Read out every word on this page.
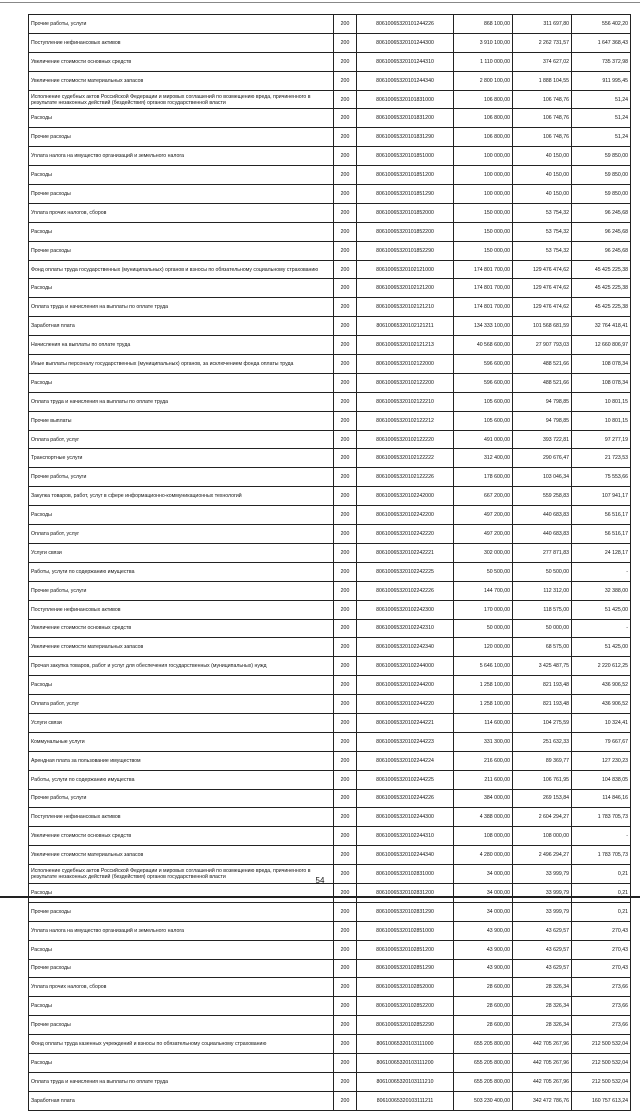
Прочие работы, услуги	200	80610065320101244226	868 100,00	311 697,80	556 402,20
Поступление нефинансовых активов	200	80610065320101244300	3 910 100,00	2 262 731,57	1 647 368,43
Увеличение стоимости основных средств	200	80610065320101244310	1 110 000,00	374 627,02	735 372,98
Увеличение стоимости материальных запасов	200	80610065320101244340	2 800 100,00	1 888 104,55	911 995,45
Исполнение судебных актов Российской Федерации и мировых соглашений по возмещению вреда, причиненного в результате незаконных действий (бездействия) органов государственной власти	200	80610065320101831000	106 800,00	106 748,76	51,24
Расходы	200	80610065320101831200	106 800,00	106 748,76	51,24
Прочие расходы	200	80610065320101831290	106 800,00	106 748,76	51,24
Уплата налога на имущество организаций и земельного налога	200	80610065320101851000	100 000,00	40 150,00	59 850,00
Расходы	200	80610065320101851200	100 000,00	40 150,00	59 850,00
Прочие расходы	200	80610065320101851290	100 000,00	40 150,00	59 850,00
Уплата прочих налогов, сборов	200	80610065320101852000	150 000,00	53 754,32	96 245,68
Расходы	200	80610065320101852200	150 000,00	53 754,32	96 245,68
Прочие расходы	200	80610065320101852290	150 000,00	53 754,32	96 245,68
Фонд оплаты труда государственных (муниципальных) органов и взносы по обязательному социальному страхованию	200	80610065320102121000	174 801 700,00	129 476 474,62	45 425 225,38
Расходы	200	80610065320102121200	174 801 700,00	129 476 474,62	45 425 225,38
Оплата труда и начисления на выплаты по оплате труда	200	80610065320102121210	174 801 700,00	129 476 474,62	45 425 225,38
Заработная плата	200	80610065320102121211	134 333 100,00	101 568 681,59	32 764 418,41
Начисления на выплаты по оплате труда	200	80610065320102121213	40 568 600,00	27 907 793,03	12 660 806,97
Иные выплаты персоналу государственных (муниципальных) органов, за исключением фонда оплаты труда	200	80610065320102122000	596 600,00	488 521,66	108 078,34
Расходы	200	80610065320102122200	596 600,00	488 521,66	108 078,34
Оплата труда и начисления на выплаты по оплате труда	200	80610065320102122210	105 600,00	94 798,85	10 801,15
Прочие выплаты	200	80610065320102122212	105 600,00	94 798,85	10 801,15
Оплата работ, услуг	200	80610065320102122220	491 000,00	393 722,81	97 277,19
Транспортные услуги	200	80610065320102122222	312 400,00	290 676,47	21 723,53
Прочие работы, услуги	200	80610065320102122226	178 600,00	103 046,34	75 553,66
Закупка товаров, работ, услуг в сфере информационно-коммуникационных технологий	200	80610065320102242000	667 200,00	559 258,83	107 941,17
Расходы	200	80610065320102242200	497 200,00	440 683,83	56 516,17
Оплата работ, услуг	200	80610065320102242220	497 200,00	440 683,83	56 516,17
Услуги связи	200	80610065320102242221	302 000,00	277 871,83	24 128,17
Работы, услуги по содержанию имущества	200	80610065320102242225	50 500,00	50 500,00	-
Прочие работы, услуги	200	80610065320102242226	144 700,00	112 312,00	32 388,00
Поступление нефинансовых активов	200	80610065320102242300	170 000,00	118 575,00	51 425,00
Увеличение стоимости основных средств	200	80610065320102242310	50 000,00	50 000,00	-
Увеличение стоимости материальных запасов	200	80610065320102242340	120 000,00	68 575,00	51 425,00
Прочая закупка товаров, работ и услуг для обеспечения государственных (муниципальных) нужд	200	80610065320102244000	5 646 100,00	3 425 487,75	2 220 612,25
Расходы	200	80610065320102244200	1 258 100,00	821 193,48	436 906,52
Оплата работ, услуг	200	80610065320102244220	1 258 100,00	821 193,48	436 906,52
Услуги связи	200	80610065320102244221	114 600,00	104 275,59	10 324,41
Коммунальные услуги	200	80610065320102244223	331 300,00	251 632,33	79 667,67
Арендная плата за пользование имуществом	200	80610065320102244224	216 600,00	89 369,77	127 230,23
Работы, услуги по содержанию имущества	200	80610065320102244225	211 600,00	106 761,95	104 838,05
Прочие работы, услуги	200	80610065320102244226	384 000,00	269 153,84	114 846,16
Поступление нефинансовых активов	200	80610065320102244300	4 388 000,00	2 604 294,27	1 783 705,73
Увеличение стоимости основных средств	200	80610065320102244310	108 000,00	108 000,00	-
Увеличение стоимости материальных запасов	200	80610065320102244340	4 280 000,00	2 496 294,27	1 783 705,73
Исполнение судебных актов Российской Федерации и мировых соглашений по возмещению вреда, причиненного в результате незаконных действий (бездействия) органов государственной власти	200	80610065320102831000	34 000,00	33 999,79	0,21
Расходы	200	80610065320102831200	34 000,00	33 999,79	0,21
Прочие расходы	200	80610065320102831290	34 000,00	33 999,79	0,21
Уплата налога на имущество организаций и земельного налога	200	80610065320102851000	43 900,00	43 629,57	270,43
Расходы	200	80610065320102851200	43 900,00	43 629,57	270,43
Прочие расходы	200	80610065320102851290	43 900,00	43 629,57	270,43
Уплата прочих налогов, сборов	200	80610065320102852000	28 600,00	28 326,34	273,66
Расходы	200	80610065320102852200	28 600,00	28 326,34	273,66
Прочие расходы	200	80610065320102852290	28 600,00	28 326,34	273,66
Фонд оплаты труда казенных учреждений и взносы по обязательному социальному страхованию	200	80610065320103111000	655 205 800,00	442 705 267,96	212 500 532,04
Расходы	200	80610065320103111200	655 205 800,00	442 705 267,96	212 500 532,04
Оплата труда и начисления на выплаты по оплате труда	200	80610065320103111210	655 205 800,00	442 705 267,96	212 500 532,04
Заработная плата	200	80610065320103111211	503 230 400,00	342 472 786,76	160 757 613,24
54
